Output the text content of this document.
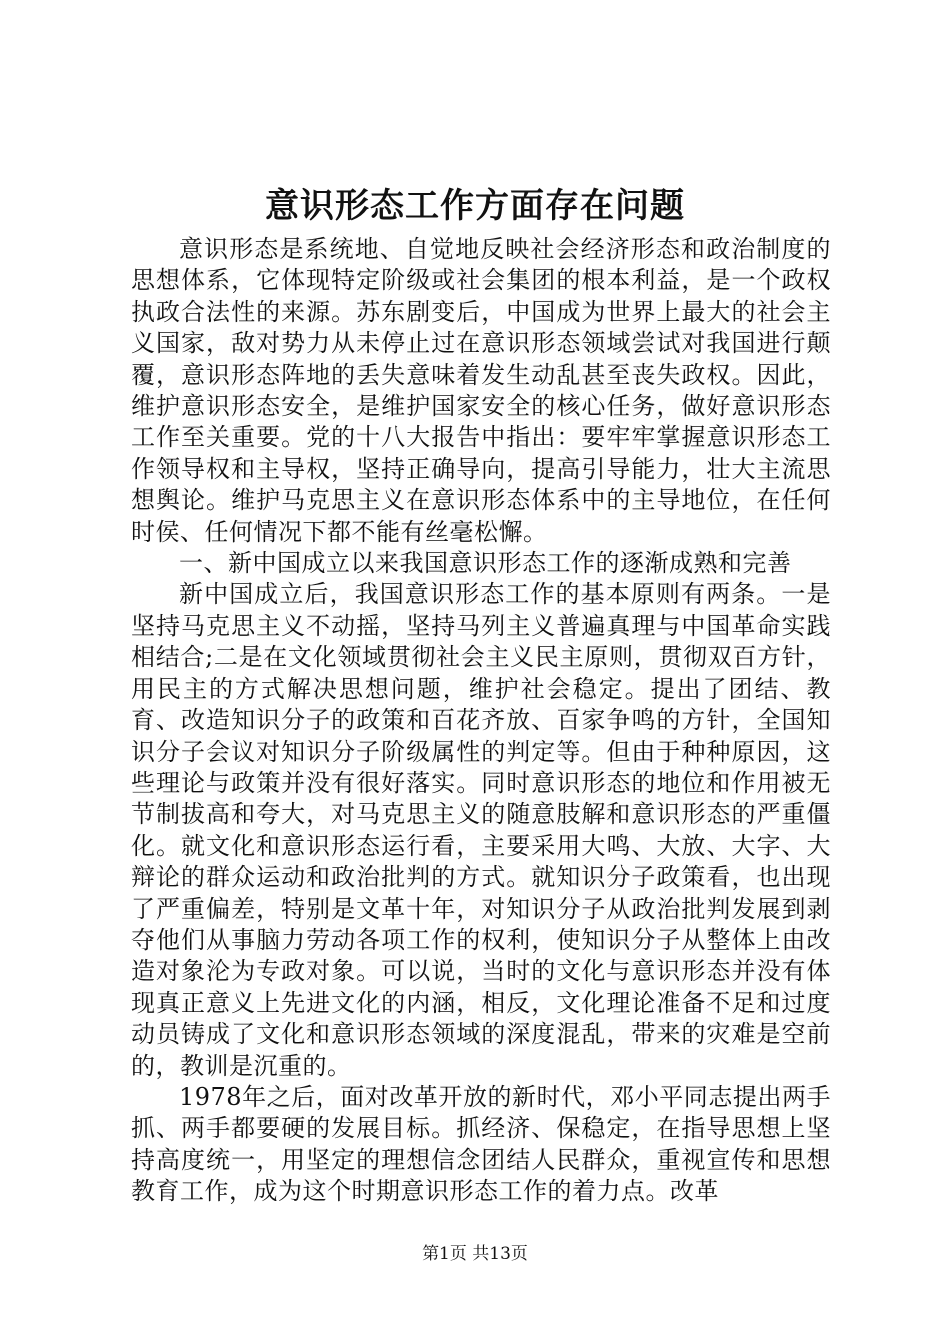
意识形态工作方面存在问题

意识形态是系统地、自觉地反映社会经济形态和政治制度的思想体系，它体现特定阶级或社会集团的根本利益，是一个政权执政合法性的来源。苏东剧变后，中国成为世界上最大的社会主义国家，敌对势力从未停止过在意识形态领域尝试对我国进行颠覆，意识形态阵地的丢失意味着发生动乱甚至丧失政权。因此，维护意识形态安全，是维护国家安全的核心任务，做好意识形态工作至关重要。党的十八大报告中指出：要牢牢掌握意识形态工作领导权和主导权，坚持正确导向，提高引导能力，壮大主流思想舆论。维护马克思主义在意识形态体系中的主导地位，在任何时侯、任何情况下都不能有丝毫松懈。

一、新中国成立以来我国意识形态工作的逐渐成熟和完善

新中国成立后，我国意识形态工作的基本原则有两条。一是坚持马克思主义不动摇，坚持马列主义普遍真理与中国革命实践相结合;二是在文化领域贯彻社会主义民主原则，贯彻双百方针，用民主的方式解决思想问题，维护社会稳定。提出了团结、教育、改造知识分子的政策和百花齐放、百家争鸣的方针，全国知识分子会议对知识分子阶级属性的判定等。但由于种种原因，这些理论与政策并没有很好落实。同时意识形态的地位和作用被无节制拔高和夸大，对马克思主义的随意肢解和意识形态的严重僵化。就文化和意识形态运行看，主要采用大鸣、大放、大字、大辩论的群众运动和政治批判的方式。就知识分子政策看，也出现了严重偏差，特别是文革十年，对知识分子从政治批判发展到剥夺他们从事脑力劳动各项工作的权利，使知识分子从整体上由改造对象沦为专政对象。可以说，当时的文化与意识形态并没有体现真正意义上先进文化的内涵，相反，文化理论准备不足和过度动员铸成了文化和意识形态领域的深度混乱，带来的灾难是空前的，教训是沉重的。

1978年之后，面对改革开放的新时代，邓小平同志提出两手抓、两手都要硬的发展目标。抓经济、保稳定，在指导思想上坚持高度统一，用坚定的理想信念团结人民群众，重视宣传和思想教育工作，成为这个时期意识形态工作的着力点。改革

第1页 共13页
